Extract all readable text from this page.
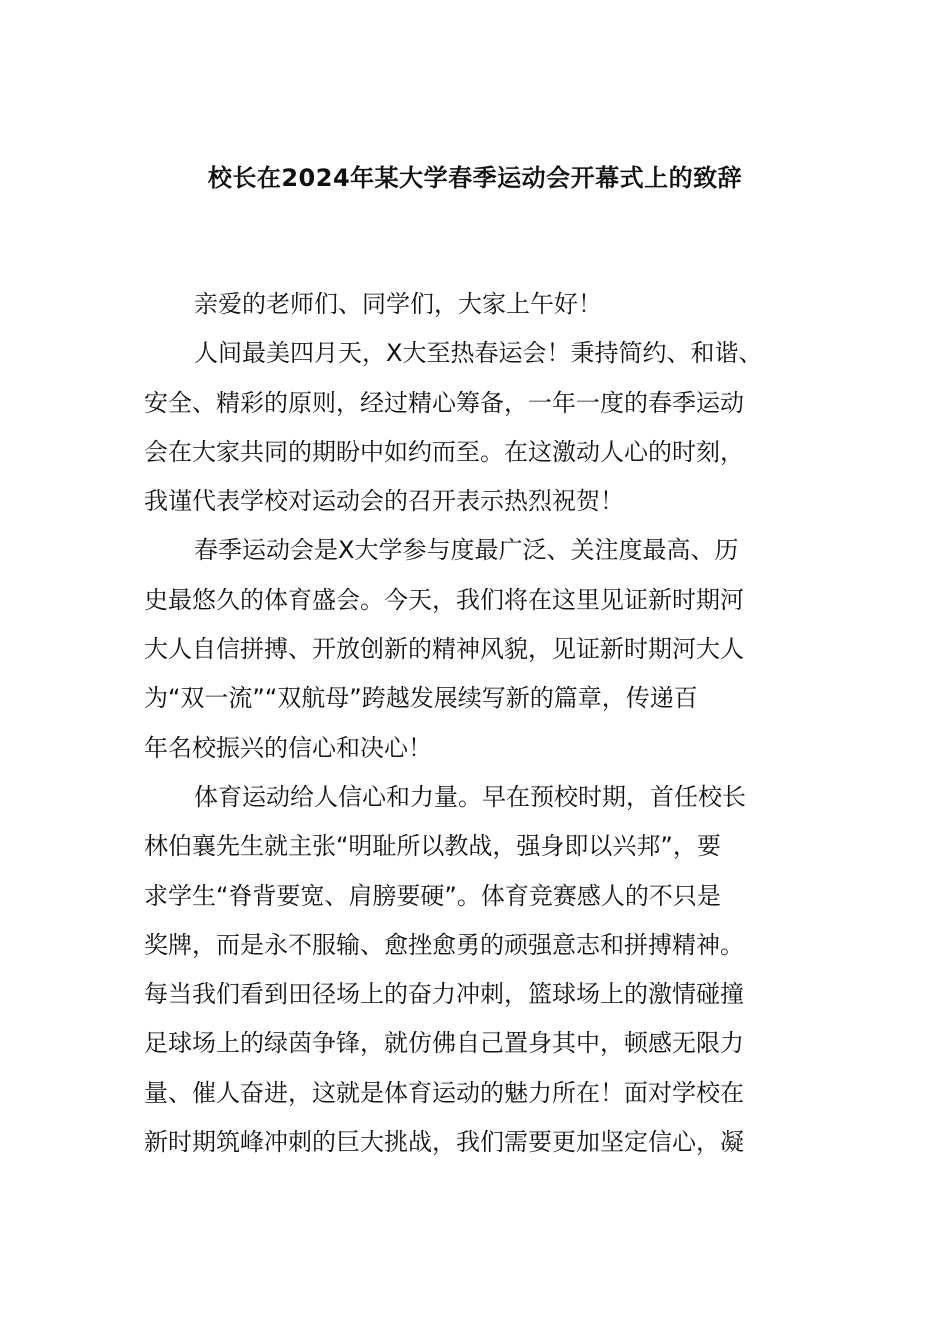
校长在2024年某大学春季运动会开幕式上的致辞
亲爱的老师们、同学们，大家上午好！
人间最美四月天，X大至热春运会！秉持简约、和谐、
安全、精彩的原则，经过精心筹备，一年一度的春季运动
会在大家共同的期盼中如约而至。在这激动人心的时刻，
我谨代表学校对运动会的召开表示热烈祝贺！
春季运动会是X大学参与度最广泛、关注度最高、历
史最悠久的体育盛会。今天，我们将在这里见证新时期河
大人自信拼搏、开放创新的精神风貌，见证新时期河大人
为“双一流”“双航母”跨越发展续写新的篇章，传递百
年名校振兴的信心和决心！
体育运动给人信心和力量。早在预校时期，首任校长
林伯襄先生就主张“明耻所以教战，强身即以兴邦”，要
求学生“脊背要宽、肩膀要硬”。体育竞赛感人的不只是
奖牌，而是永不服输、愈挫愈勇的顽强意志和拼搏精神。
每当我们看到田径场上的奋力冲刺，篮球场上的激情碰撞
足球场上的绿茵争锋，就仿佛自己置身其中，顿感无限力
量、催人奋进，这就是体育运动的魅力所在！面对学校在
新时期筑峰冲刺的巨大挑战，我们需要更加坚定信心，凝
